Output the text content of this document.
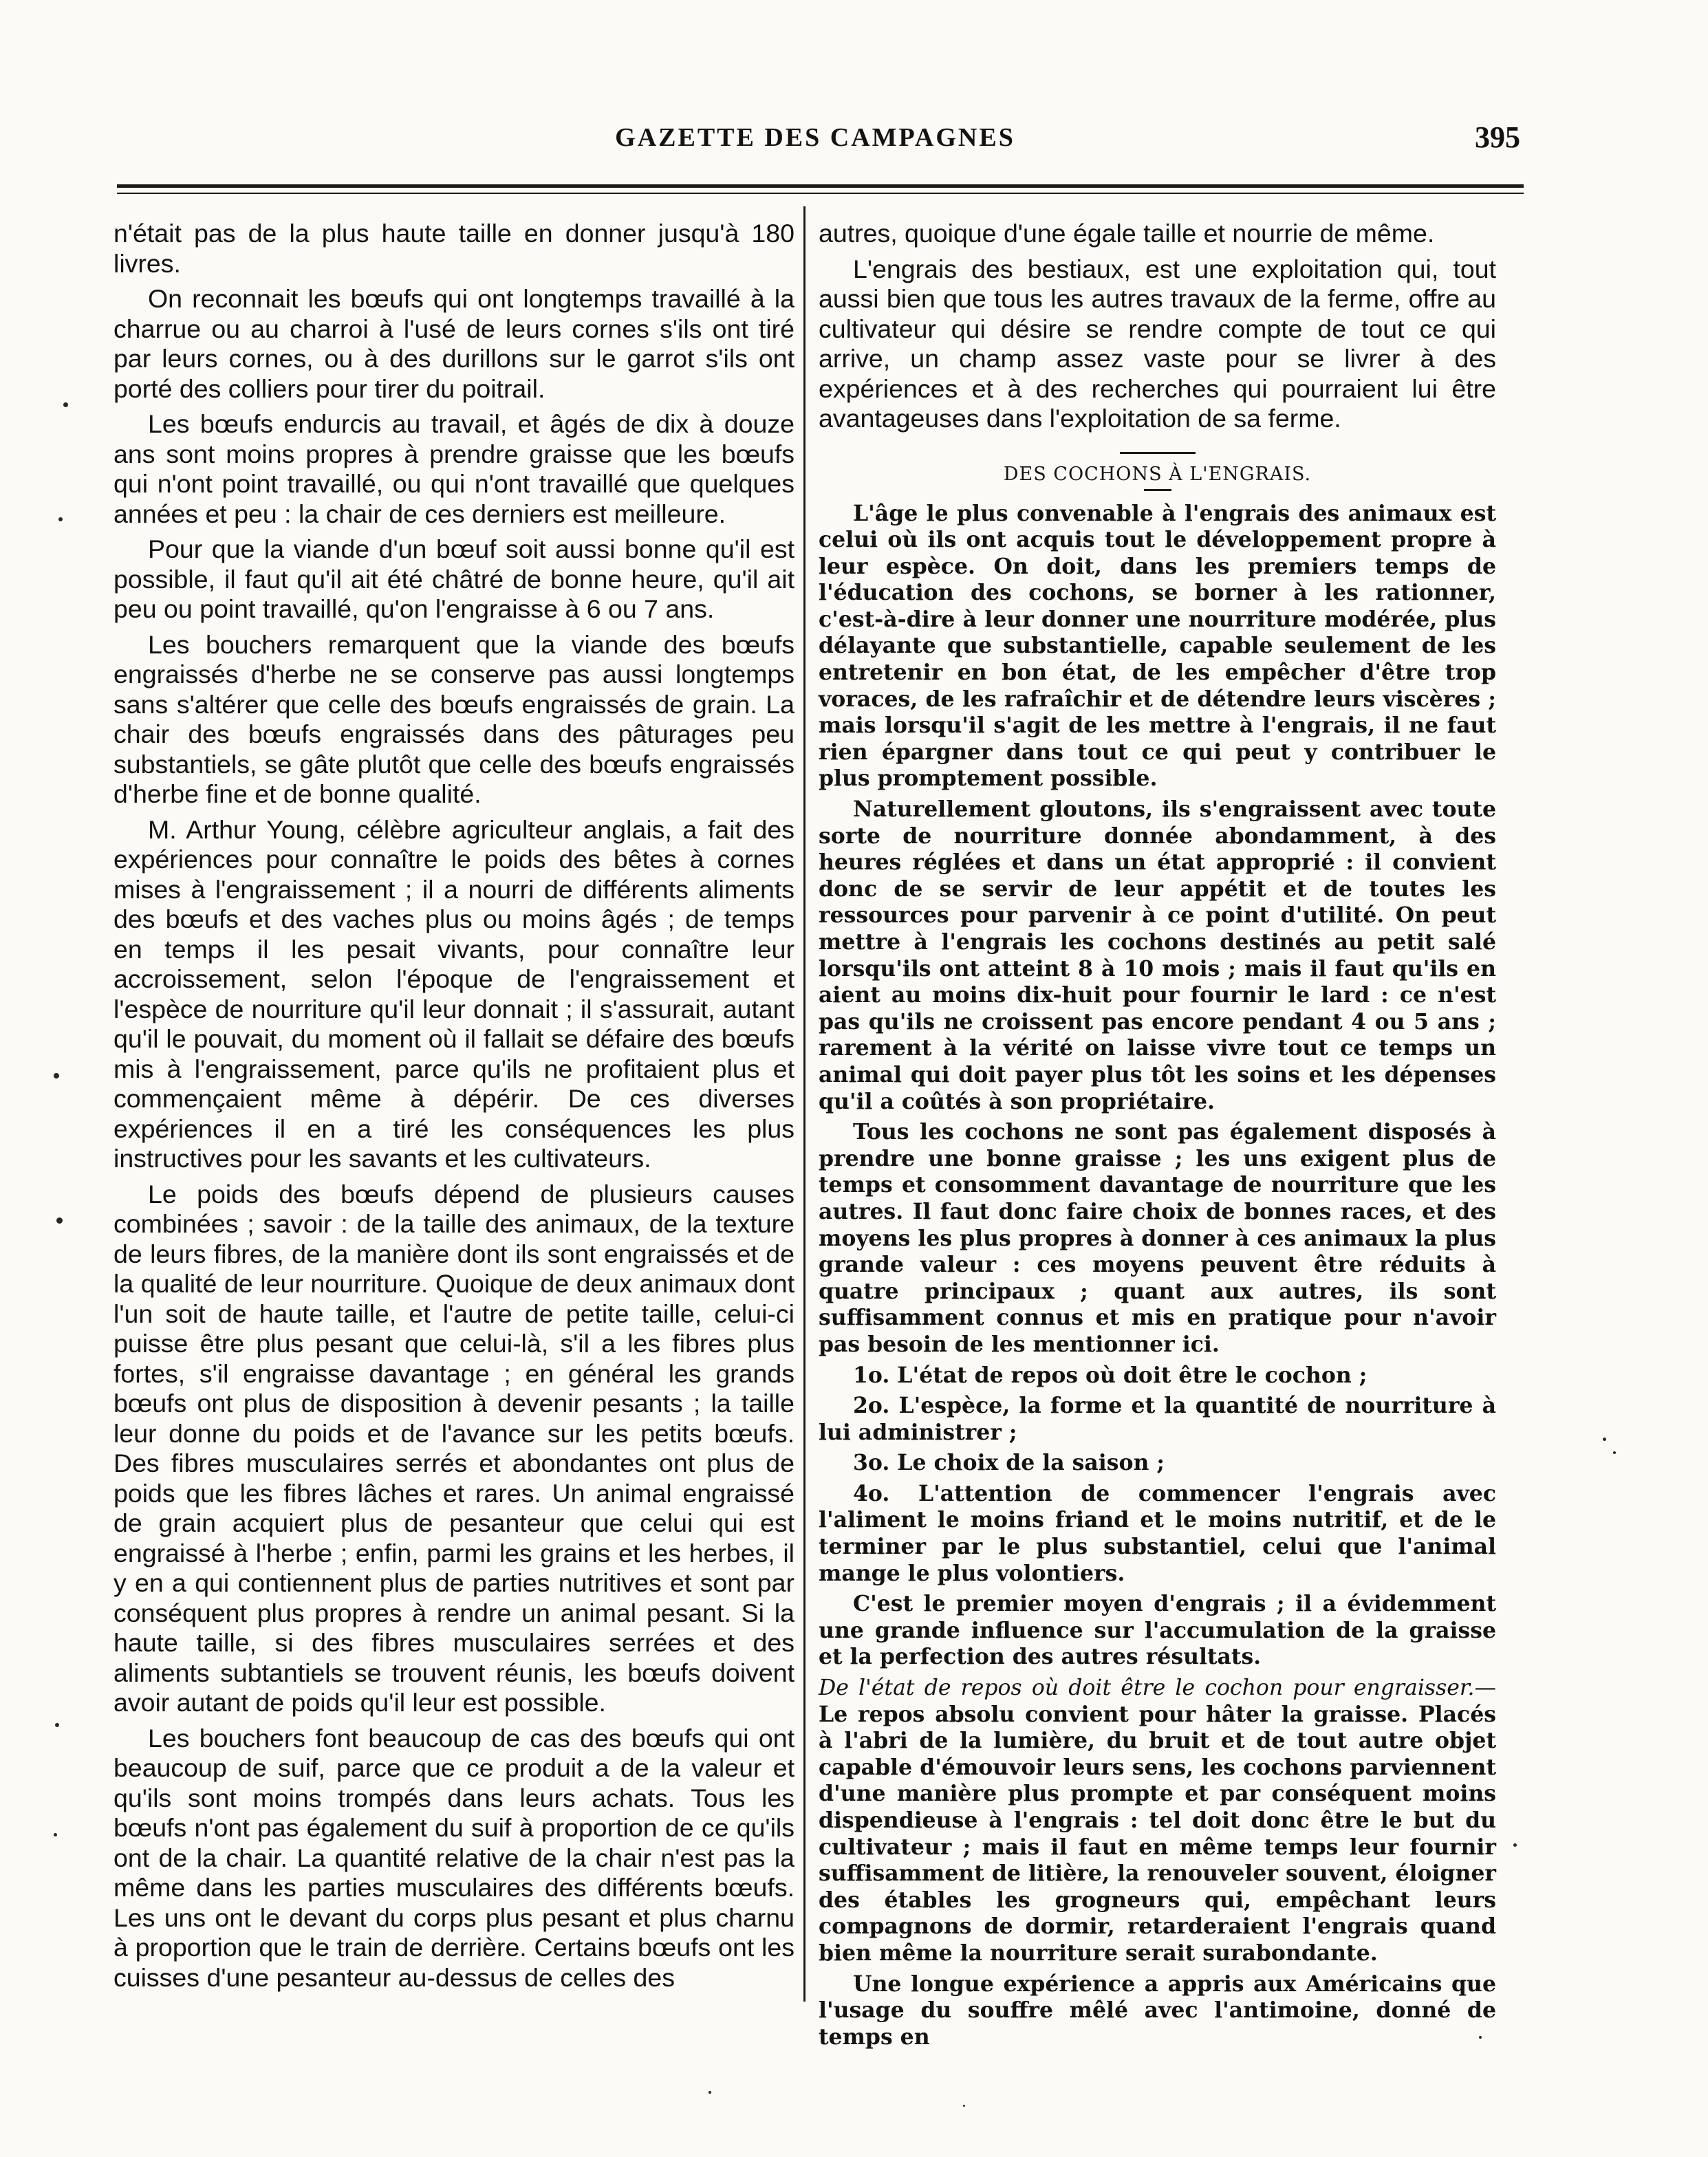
GAZETTE DES CAMPAGNES	395

n'était pas de la plus haute taille en donner jusqu'à 180 livres.

On reconnait les bœufs qui ont longtemps travaillé à la charrue ou au charroi à l'usé de leurs cornes s'ils ont tiré par leurs cornes, ou à des durillons sur le garrot s'ils ont porté des colliers pour tirer du poitrail.

Les bœufs endurcis au travail, et âgés de dix à douze ans sont moins propres à prendre graisse que les bœufs qui n'ont point travaillé, ou qui n'ont travaillé que quelques années et peu : la chair de ces derniers est meilleure.

Pour que la viande d'un bœuf soit aussi bonne qu'il est possible, il faut qu'il ait été châtré de bonne heure, qu'il ait peu ou point travaillé, qu'on l'engraisse à 6 ou 7 ans.

Les bouchers remarquent que la viande des bœufs engraissés d'herbe ne se conserve pas aussi longtemps sans s'altérer que celle des bœufs engraissés de grain. La chair des bœufs engraissés dans des pâturages peu substantiels, se gâte plutôt que celle des bœufs engraissés d'herbe fine et de bonne qualité.

M. Arthur Young, célèbre agriculteur anglais, a fait des expériences pour connaître le poids des bêtes à cornes mises à l'engraissement ; il a nourri de différents aliments des bœufs et des vaches plus ou moins âgés ; de temps en temps il les pesait vivants, pour connaître leur accroissement, selon l'époque de l'engraissement et l'espèce de nourriture qu'il leur donnait ; il s'assurait, autant qu'il le pouvait, du moment où il fallait se défaire des bœufs mis à l'engraissement, parce qu'ils ne profitaient plus et commençaient même à dépérir. De ces diverses expériences il en a tiré les conséquences les plus instructives pour les savants et les cultivateurs.

Le poids des bœufs dépend de plusieurs causes combinées ; savoir : de la taille des animaux, de la texture de leurs fibres, de la manière dont ils sont engraissés et de la qualité de leur nourriture. Quoique de deux animaux dont l'un soit de haute taille, et l'autre de petite taille, celui-ci puisse être plus pesant que celui-là, s'il a les fibres plus fortes, s'il engraisse davantage ; en général les grands bœufs ont plus de disposition à devenir pesants ; la taille leur donne du poids et de l'avance sur les petits bœufs. Des fibres musculaires serrés et abondantes ont plus de poids que les fibres lâches et rares. Un animal engraissé de grain acquiert plus de pesanteur que celui qui est engraissé à l'herbe ; enfin, parmi les grains et les herbes, il y en a qui contiennent plus de parties nutritives et sont par conséquent plus propres à rendre un animal pesant. Si la haute taille, si des fibres musculaires serrées et des aliments subtantiels se trouvent réunis, les bœufs doivent avoir autant de poids qu'il leur est possible.

Les bouchers font beaucoup de cas des bœufs qui ont beaucoup de suif, parce que ce produit a de la valeur et qu'ils sont moins trompés dans leurs achats. Tous les bœufs n'ont pas également du suif à proportion de ce qu'ils ont de la chair. La quantité relative de la chair n'est pas la même dans les parties musculaires des différents bœufs. Les uns ont le devant du corps plus pesant et plus charnu à proportion que le train de derrière. Certains bœufs ont les cuisses d'une pesanteur au-dessus de celles des

autres, quoique d'une égale taille et nourrie de même.

L'engrais des bestiaux, est une exploitation qui, tout aussi bien que tous les autres travaux de la ferme, offre au cultivateur qui désire se rendre compte de tout ce qui arrive, un champ assez vaste pour se livrer à des expériences et à des recherches qui pourraient lui être avantageuses dans l'exploitation de sa ferme.

DES COCHONS À L'ENGRAIS.

L'âge le plus convenable à l'engrais des animaux est celui où ils ont acquis tout le développement propre à leur espèce. On doit, dans les premiers temps de l'éducation des cochons, se borner à les rationner, c'est-à-dire à leur donner une nourriture modérée, plus délayante que substantielle, capable seulement de les entretenir en bon état, de les empêcher d'être trop voraces, de les rafraîchir et de détendre leurs viscères ; mais lorsqu'il s'agit de les mettre à l'engrais, il ne faut rien épargner dans tout ce qui peut y contribuer le plus promptement possible.

Naturellement gloutons, ils s'engraissent avec toute sorte de nourriture donnée abondamment, à des heures réglées et dans un état approprié : il convient donc de se servir de leur appétit et de toutes les ressources pour parvenir à ce point d'utilité. On peut mettre à l'engrais les cochons destinés au petit salé lorsqu'ils ont atteint 8 à 10 mois ; mais il faut qu'ils en aient au moins dix-huit pour fournir le lard : ce n'est pas qu'ils ne croissent pas encore pendant 4 ou 5 ans ; rarement à la vérité on laisse vivre tout ce temps un animal qui doit payer plus tôt les soins et les dépenses qu'il a coûtés à son propriétaire.

Tous les cochons ne sont pas également disposés à prendre une bonne graisse ; les uns exigent plus de temps et consomment davantage de nourriture que les autres. Il faut donc faire choix de bonnes races, et des moyens les plus propres à donner à ces animaux la plus grande valeur : ces moyens peuvent être réduits à quatre principaux ; quant aux autres, ils sont suffisamment connus et mis en pratique pour n'avoir pas besoin de les mentionner ici.

1o. L'état de repos où doit être le cochon ;

2o. L'espèce, la forme et la quantité de nourriture à lui administrer ;

3o. Le choix de la saison ;

4o. L'attention de commencer l'engrais avec l'aliment le moins friand et le moins nutritif, et de le terminer par le plus substantiel, celui que l'animal mange le plus volontiers.

C'est le premier moyen d'engrais ; il a évidemment une grande influence sur l'accumulation de la graisse et la perfection des autres résultats.

De l'état de repos où doit être le cochon pour engraisser.— Le repos absolu convient pour hâter la graisse. Placés à l'abri de la lumière, du bruit et de tout autre objet capable d'émouvoir leurs sens, les cochons parviennent d'une manière plus prompte et par conséquent moins dispendieuse à l'engrais : tel doit donc être le but du cultivateur ; mais il faut en même temps leur fournir suffisamment de litière, la renouveler souvent, éloigner des étables les grogneurs qui, empêchant leurs compagnons de dormir, retarderaient l'engrais quand bien même la nourriture serait surabondante.

Une longue expérience a appris aux Américains que l'usage du souffre mêlé avec l'antimoine, donné de temps en
